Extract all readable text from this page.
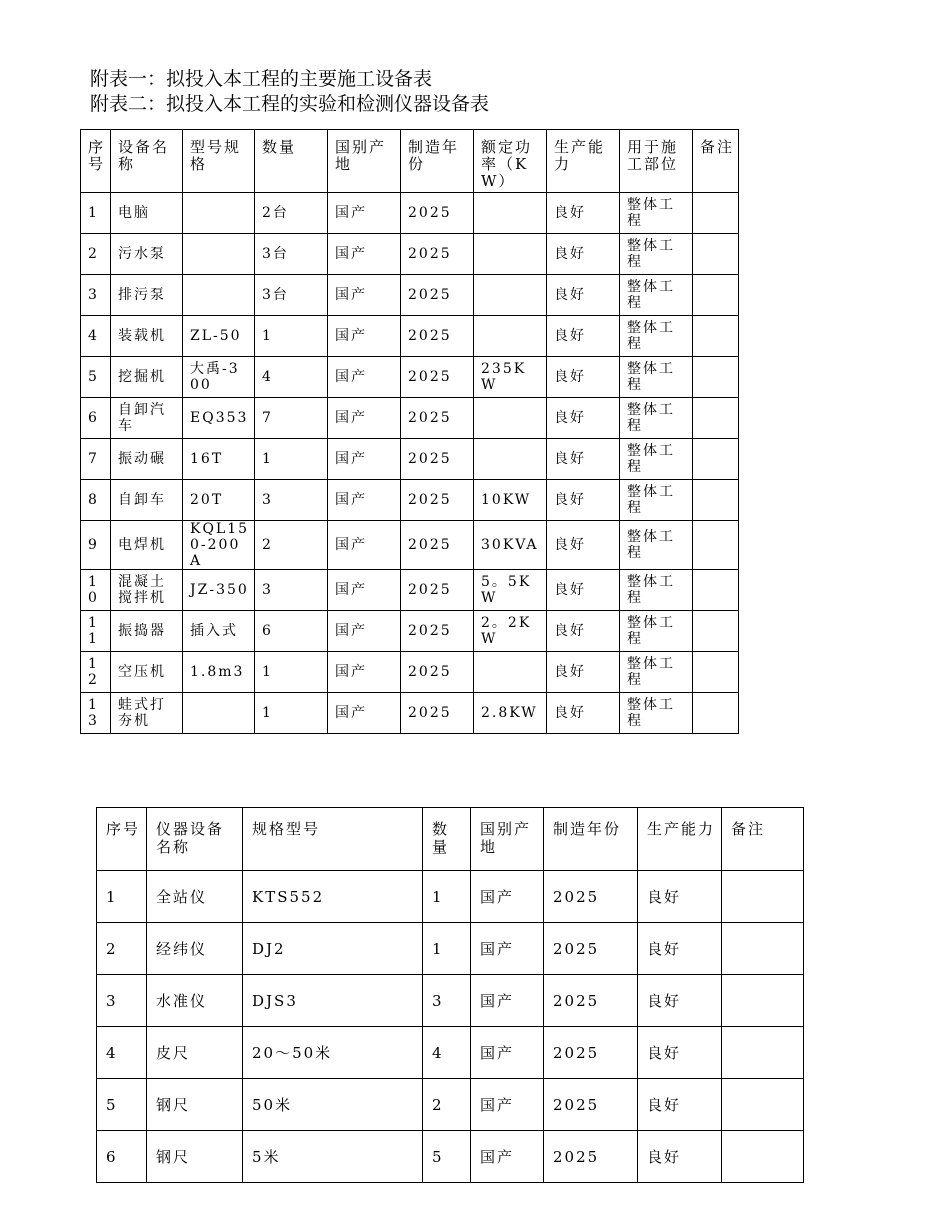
附表一：拟投入本工程的主要施工设备表
附表二：拟投入本工程的实验和检测仪器设备表
序号	设备名称	型号规格	数量	国别产地	制造年份	额定功率（KW）	生产能力	用于施工部位	备注
1	电脑		2台	国产	2025		良好	整体工程	
2	污水泵		3台	国产	2025		良好	整体工程	
3	排污泵		3台	国产	2025		良好	整体工程	
4	装载机	ZL-50	1	国产	2025		良好	整体工程	
5	挖掘机	大禹-300	4	国产	2025	235KW	良好	整体工程	
6	自卸汽车	EQ353	7	国产	2025		良好	整体工程	
7	振动碾	16T	1	国产	2025		良好	整体工程	
8	自卸车	20T	3	国产	2025	10KW	良好	整体工程	
9	电焊机	KQL150-200A	2	国产	2025	30KVA	良好	整体工程	
10	混凝土搅拌机	JZ-350	3	国产	2025	5。5KW	良好	整体工程	
11	振捣器	插入式	6	国产	2025	2。2KW	良好	整体工程	
12	空压机	1.8m3	1	国产	2025		良好	整体工程	
13	蛙式打夯机		1	国产	2025	2.8KW	良好	整体工程	
序号	仪器设备名称	规格型号	数量	国别产地	制造年份	生产能力	备注
1	全站仪	KTS552	1	国产	2025	良好	
2	经纬仪	DJ2	1	国产	2025	良好	
3	水准仪	DJS3	3	国产	2025	良好	
4	皮尺	20～50米	4	国产	2025	良好	
5	钢尺	50米	2	国产	2025	良好	
6	钢尺	5米	5	国产	2025	良好	
